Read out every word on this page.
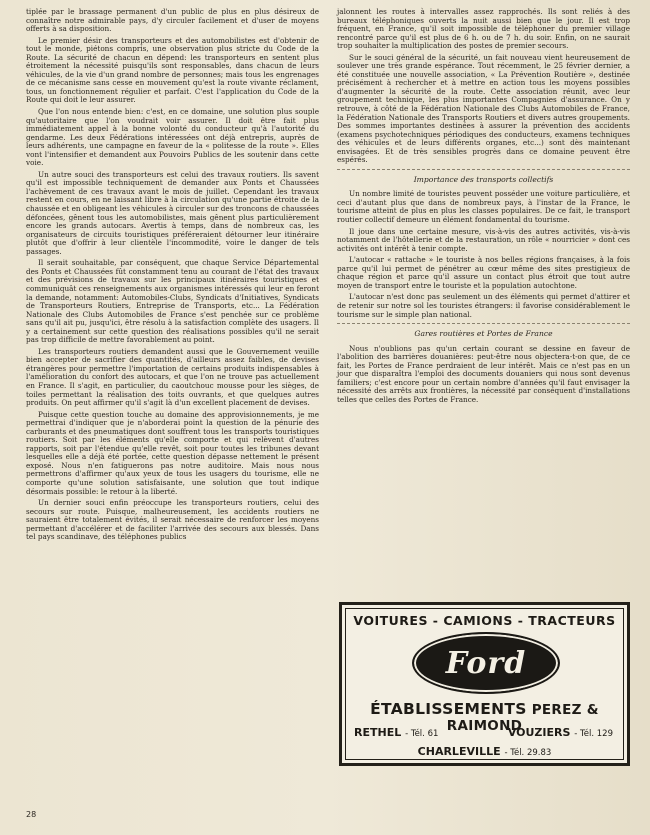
tiplée par le brassage permanent d'un public de plus en plus désireux de connaître notre admirable pays, d'y circuler facilement et d'user de moyens offerts à sa disposition.

Le premier désir des transporteurs et des automobilistes est d'obtenir de tout le monde, piétons compris, une observation plus stricte du Code de la Route. La sécurité de chacun en dépend: les transporteurs en sentent plus étroitement la nécessité puisqu'ils sont responsables, dans chacun de leurs véhicules, de la vie d'un grand nombre de personnes; mais tous les engrenages de ce mécanisme sans cesse en mouvement qu'est la route vivante réclament, tous, un fonctionnement régulier et parfait. C'est l'application du Code de la Route qui doit le leur assurer.

Que l'on nous entende bien: c'est, en ce domaine, une solution plus souple qu'autoritaire que l'on voudrait voir assurer. Il doit être fait plus immédiatement appel à la bonne volonté du conducteur qu'à l'autorité du gendarme. Les deux Fédérations intéressées ont déjà entrepris, auprès de leurs adhérents, une campagne en faveur de la « politesse de la route ». Elles vont l'intensifier et demandent aux Pouvoirs Publics de les soutenir dans cette voie.

Un autre souci des transporteurs est celui des travaux routiers. Ils savent qu'il est impossible techniquement de demander aux Ponts et Chaussées l'achèvement de ces travaux avant le mois de juillet. Cependant les travaux restent en cours, en ne laissant libre à la circulation qu'une partie étroite de la chaussée et en obligeant les véhicules à circuler sur des troncons de chaussées défoncées, gênent tous les automobilistes, mais gênent plus particulièrement encore les grands autocars. Avertis à temps, dans de nombreux cas, les organisateurs de circuits touristiques préféreraient détourner leur itinéraire plutôt que d'offrir à leur clientèle l'incommodité, voire le danger de tels passages.

Il serait souhaitable, par conséquent, que chaque Service Départemental des Ponts et Chaussées fût constamment tenu au courant de l'état des travaux et des prévisions de travaux sur les principaux itinéraires touristiques et communiquât ces renseignements aux organismes intéressés qui leur en feront la demande, notamment: Automobiles-Clubs, Syndicats d'Initiatives, Syndicats de Transporteurs Routiers, Entreprise de Transports, etc... La Fédération Nationale des Clubs Automobiles de France s'est penchée sur ce problème sans qu'il ait pu, jusqu'ici, être résolu à la satisfaction complète des usagers. Il y a certainement sur cette question des réalisations possibles qu'il ne serait pas trop difficile de mettre favorablement au point.

Les transporteurs routiers demandent aussi que le Gouvernement veuille bien accepter de sacrifier des quantités, d'ailleurs assez faibles, de devises étrangères pour permettre l'importation de certains produits indispensables à l'amélioration du confort des autocars, et que l'on ne trouve pas actuellement en France. Il s'agit, en particulier, du caoutchouc mousse pour les sièges, de toiles permettant la réalisation des toits ouvrants, et que quelques autres produits. On peut affirmer qu'il s'agit là d'un excellent placement de devises.

Puisque cette question touche au domaine des approvisionnements, je me permettrai d'indiquer que je n'aborderai point la question de la pénurie des carburants et des pneumatiques dont souffrent tous les transports touristiques routiers. Soit par les éléments qu'elle comporte et qui relèvent d'autres rapports, soit par l'étendue qu'elle revêt, soit pour toutes les tribunes devant lesquelles elle a déjà été portée, cette question dépasse nettement le présent exposé. Nous n'en fatiguerons pas notre auditoire. Mais nous nous permettrons d'affirmer qu'aux yeux de tous les usagers du tourisme, elle ne comporte qu'une solution satisfaisante, une solution que tout indique désormais possible: le retour à la liberté.

Un dernier souci enfin préoccupe les transporteurs routiers, celui des secours sur route. Puisque, malheureusement, les accidents routiers ne sauraient être totalement évités, il serait nécessaire de renforcer les moyens permettant d'accélérer et de faciliter l'arrivée des secours aux blessés. Dans tel pays scandinave, des téléphones publics

jalonnent les routes à intervalles assez rapprochés. Ils sont reliés à des bureaux téléphoniques ouverts la nuit aussi bien que le jour. Il est trop fréquent, en France, qu'il soit impossible de téléphoner du premier village rencontré parce qu'il est plus de 6 h. ou de 7 h. du soir. Enfin, on ne saurait trop souhaiter la multiplication des postes de premier secours.

Sur le souci général de la sécurité, un fait nouveau vient heureusement de soulever une très grande espérance. Tout récemment, le 25 février dernier, a été constituée une nouvelle association, « La Prévention Routière », destinée précisément à rechercher et à mettre en action tous les moyens possibles d'augmenter la sécurité de la route. Cette association réunit, avec leur groupement technique, les plus importantes Compagnies d'assurance. On y retrouve, à côté de la Fédération Nationale des Clubs Automobiles de France, la Fédération Nationale des Transports Routiers et divers autres groupements. Des sommes importantes destinées à assurer la prévention des accidents (examens psychotechniques périodiques des conducteurs, examens techniques des véhicules et de leurs différents organes, etc...) sont dès maintenant envisagées. Et de très sensibles progrès dans ce domaine peuvent être espérés.

Importance des transports collectifs

Un nombre limité de touristes peuvent posséder une voiture particulière, et ceci d'autant plus que dans de nombreux pays, à l'instar de la France, le tourisme atteint de plus en plus les classes populaires. De ce fait, le transport routier collectif demeure un élément fondamental du tourisme.

Il joue dans une certaine mesure, vis-à-vis des autres activités, vis-à-vis notamment de l'hôtellerie et de la restauration, un rôle « nourricier » dont ces activités ont intérêt à tenir compte.

L'autocar « rattache » le touriste à nos belles régions françaises, à la fois parce qu'il lui permet de pénétrer au cœur même des sites prestigieux de chaque région et parce qu'il assure un contact plus étroit que tout autre moyen de transport entre le touriste et la population autochtone.

L'autocar n'est donc pas seulement un des éléments qui permet d'attirer et de retenir sur notre sol les touristes étrangers: il favorise considérablement le tourisme sur le simple plan national.

Gares routières et Portes de France

Nous n'oublions pas qu'un certain courant se dessine en faveur de l'abolition des barrières douanières: peut-être nous objectera-t-on que, de ce fait, les Portes de France perdraient de leur intérêt. Mais ce n'est pas en un jour que disparaîtra l'emploi des documents douaniers qui nous sont devenus familiers; c'est encore pour un certain nombre d'années qu'il faut envisager la nécessité des arrêts aux frontières, la nécessité par conséquent d'installations telles que celles des Portes de France.

VOITURES - CAMIONS - TRACTEURS
Ford
ÉTABLISSEMENTS PEREZ & RAIMOND
RETHEL - Tél. 61	VOUZIERS - Tél. 129
CHARLEVILLE - Tél. 29.83
28
